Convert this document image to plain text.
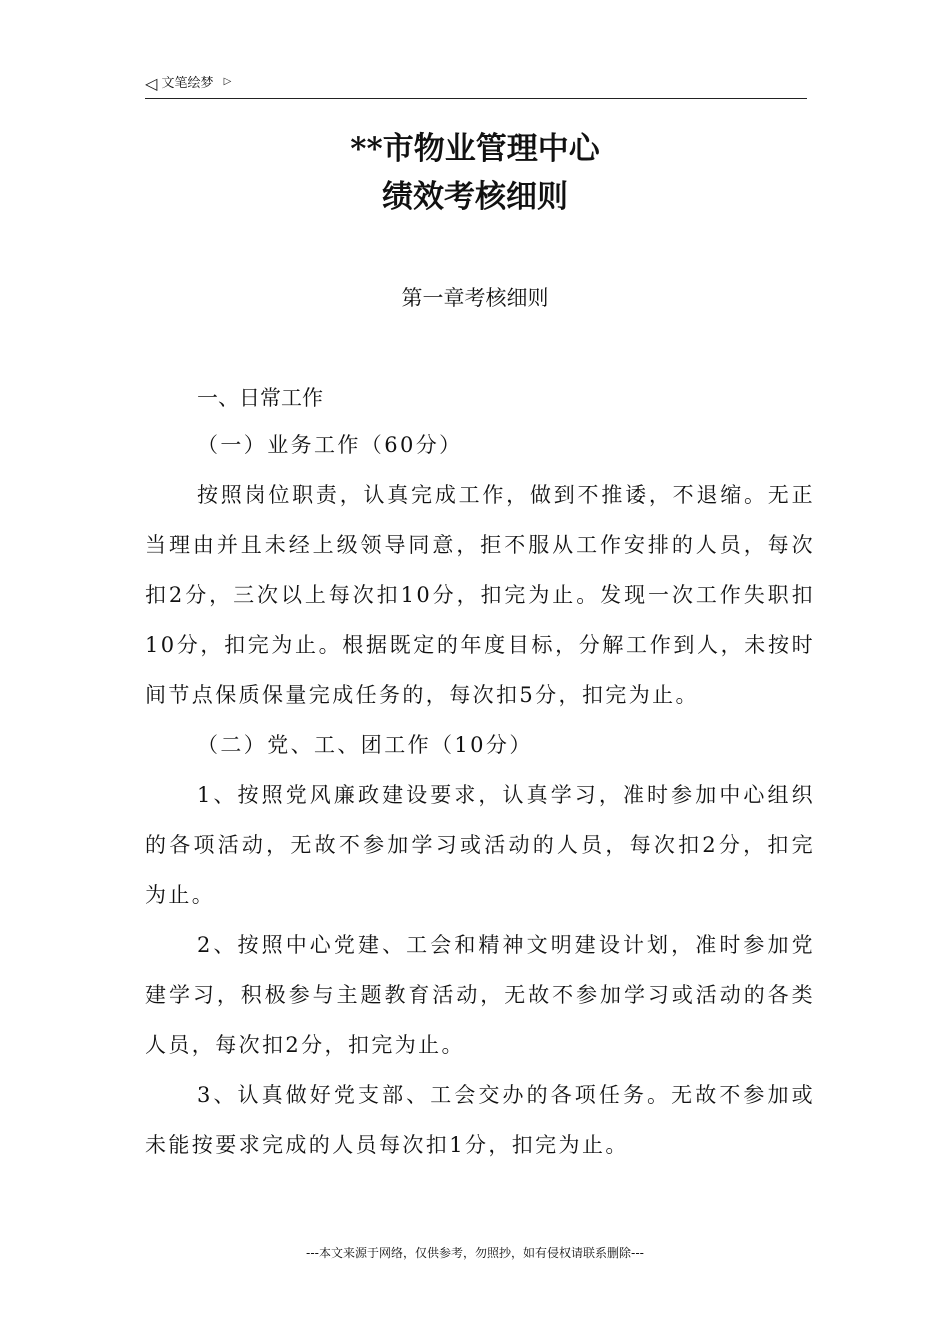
◁ 文笔绘梦 ▷
**市物业管理中心
绩效考核细则
第一章考核细则
一、日常工作

（一）业务工作（60分）

按照岗位职责，认真完成工作，做到不推诿，不退缩。无正当理由并且未经上级领导同意，拒不服从工作安排的人员，每次扣2分，三次以上每次扣10分，扣完为止。发现一次工作失职扣10分，扣完为止。根据既定的年度目标，分解工作到人，未按时间节点保质保量完成任务的，每次扣5分，扣完为止。

（二）党、工、团工作（10分）

1、按照党风廉政建设要求，认真学习，准时参加中心组织的各项活动，无故不参加学习或活动的人员，每次扣2分，扣完为止。

2、按照中心党建、工会和精神文明建设计划，准时参加党建学习，积极参与主题教育活动，无故不参加学习或活动的各类人员，每次扣2分，扣完为止。

3、认真做好党支部、工会交办的各项任务。无故不参加或未能按要求完成的人员每次扣1分，扣完为止。

---本文来源于网络，仅供参考，勿照抄，如有侵权请联系删除---
